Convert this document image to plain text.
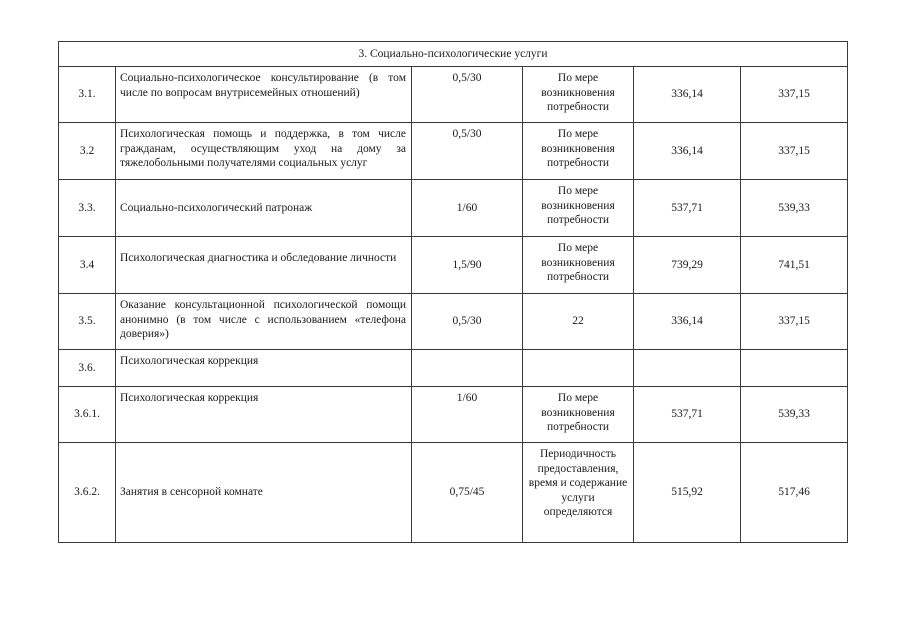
3. Социально-психологические услуги					
3.1.	Социально-психологическое консультирование (в том числе по вопросам внутрисемейных отношений)	0,5/30	По мере возникновения потребности	336,14	337,15
3.2	Психологическая помощь и поддержка, в том числе гражданам, осуществляющим уход на дому за тяжелобольными получателями социальных услуг	0,5/30	По мере возникновения потребности	336,14	337,15
3.3.	Социально-психологический патронаж	1/60	По мере возникновения потребности	537,71	539,33
3.4	Психологическая диагностика и обследование личности	1,5/90	По мере возникновения потребности	739,29	741,51
3.5.	Оказание консультационной психологической помощи анонимно (в том числе с использованием «телефона доверия»)	0,5/30	22	336,14	337,15
3.6.	Психологическая коррекция				
3.6.1.	Психологическая коррекция	1/60	По мере возникновения потребности	537,71	539,33
3.6.2.	Занятия в сенсорной комнате	0,75/45	Периодичность предоставления, время и содержание услуги определяются	515,92	517,46
